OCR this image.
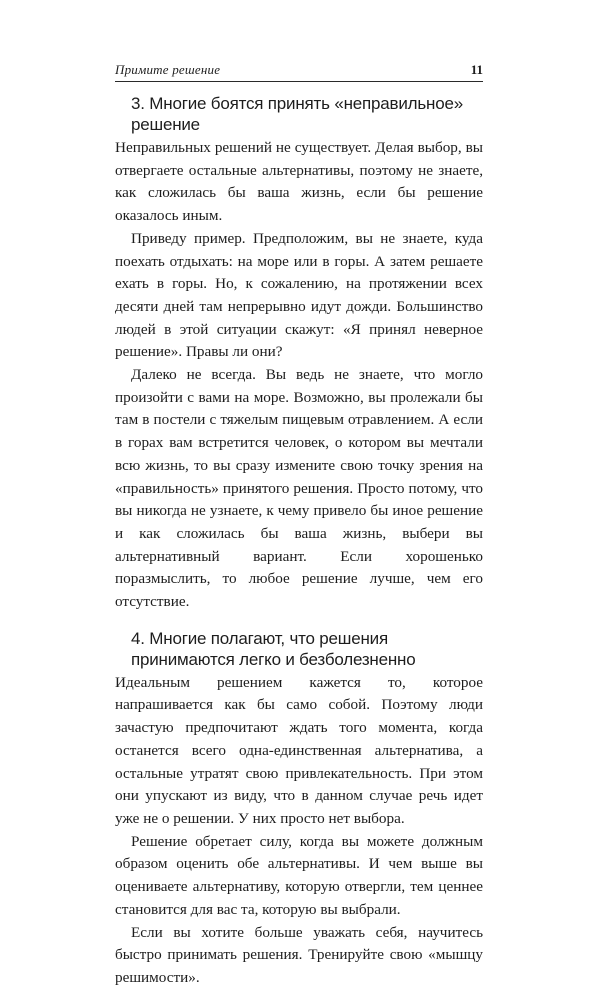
Примите решение	11
3. Многие боятся принять «неправильное» решение

Неправильных решений не существует. Делая выбор, вы отвергаете остальные альтернативы, поэтому не знаете, как сложилась бы ваша жизнь, если бы решение оказалось иным.

Приведу пример. Предположим, вы не знаете, куда поехать отдыхать: на море или в горы. А затем решаете ехать в горы. Но, к сожалению, на протяжении всех десяти дней там непрерывно идут дожди. Большинство людей в этой ситуации скажут: «Я принял неверное решение». Правы ли они?

Далеко не всегда. Вы ведь не знаете, что могло произойти с вами на море. Возможно, вы пролежали бы там в постели с тяжелым пищевым отравлением. А если в горах вам встретится человек, о котором вы мечтали всю жизнь, то вы сразу измените свою точку зрения на «правильность» принятого решения. Просто потому, что вы никогда не узнаете, к чему привело бы иное решение и как сложилась бы ваша жизнь, выбери вы альтернативный вариант. Если хорошенько поразмыслить, то любое решение лучше, чем его отсутствие.

4. Многие полагают, что решения принимаются легко и безболезненно

Идеальным решением кажется то, которое напрашивается как бы само собой. Поэтому люди зачастую предпочитают ждать того момента, когда останется всего одна-единственная альтернатива, а остальные утратят свою привлекательность. При этом они упускают из виду, что в данном случае речь идет уже не о решении. У них просто нет выбора.

Решение обретает силу, когда вы можете должным образом оценить обе альтернативы. И чем выше вы оцениваете альтернативу, которую отвергли, тем ценнее становится для вас та, которую вы выбрали.

Если вы хотите больше уважать себя, научитесь быстро принимать решения. Тренируйте свою «мышцу решимости».
